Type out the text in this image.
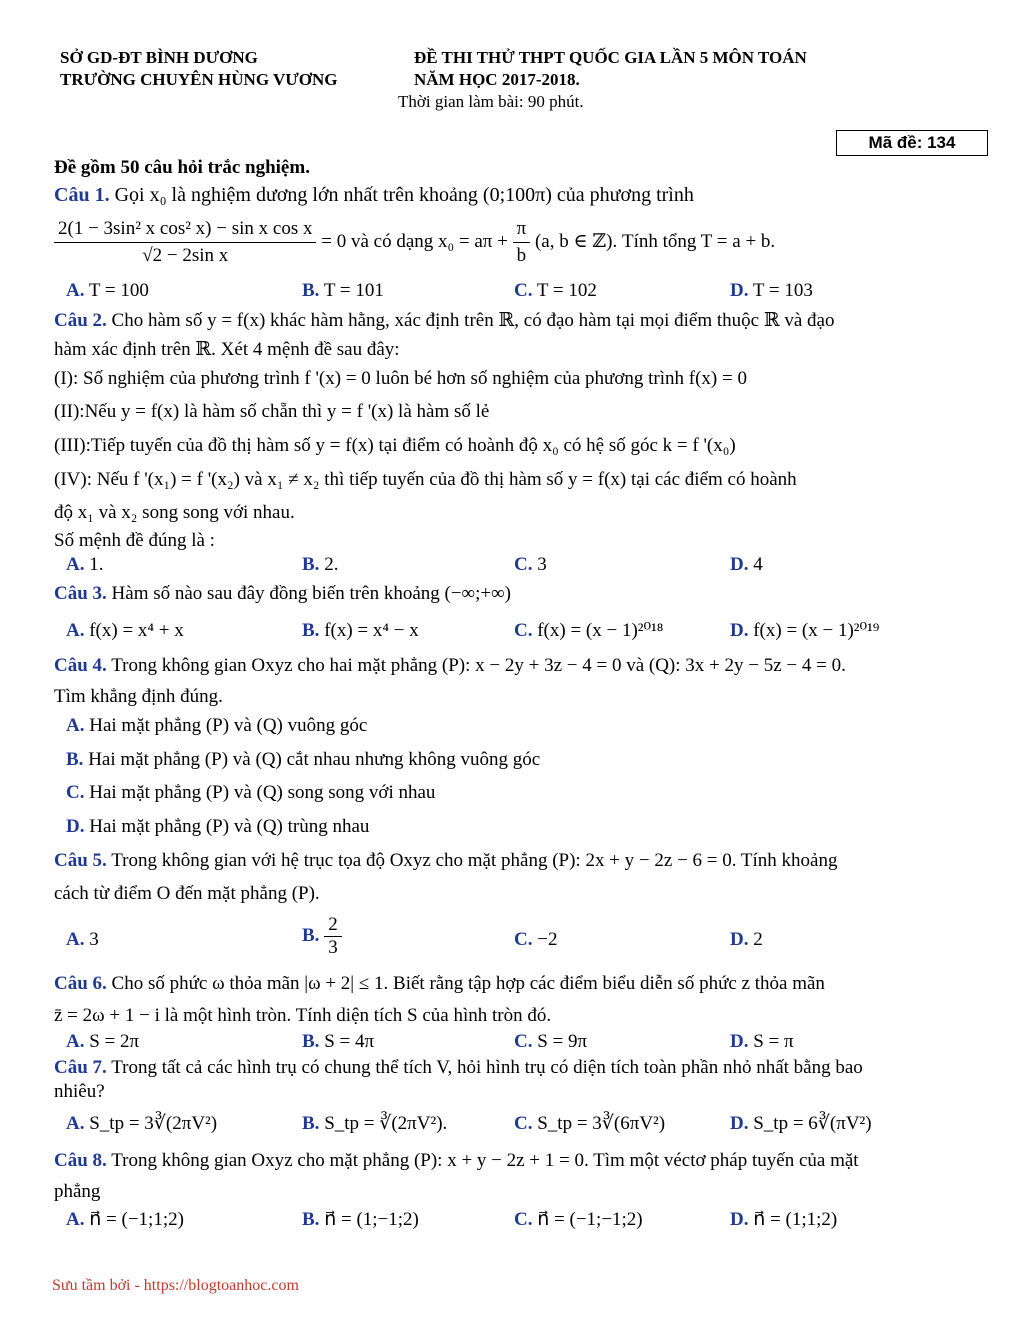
SỞ GD-ĐT BÌNH DƯƠNG
TRƯỜNG CHUYÊN HÙNG VƯƠNG
ĐỀ THI THỬ THPT QUỐC GIA LẦN 5 MÔN TOÁN
NĂM HỌC 2017-2018.
Thời gian làm bài: 90 phút.
Mã đề: 134
Đề gồm 50 câu hỏi trắc nghiệm.
Câu 1. Gọi x₀ là nghiệm dương lớn nhất trên khoảng (0;100π) của phương trình
$\frac{\text{2(1 − 3sin² x cos² x) − sin x cos x}}{\text{√2 − 2sin x}} = 0$ và có dạng $x_0 = a\pi + \frac{\pi}{b} (a$, b ∈ ℤ). Tính tổng T = a + b.
A. T = 100	B. T = 101	C. T = 102	D. T = 103
Câu 2. Cho hàm số y = f(x) khác hàm hằng, xác định trên ℝ, có đạo hàm tại mọi điểm thuộc ℝ và đạo
hàm xác định trên ℝ. Xét 4 mệnh đề sau đây:
(I): Số nghiệm của phương trình f '(x) = 0 luôn bé hơn số nghiệm của phương trình f(x) = 0
(II):Nếu y = f(x) là hàm số chẵn thì y = f '(x) là hàm số lẻ
(III):Tiếp tuyến của đồ thị hàm số y = f(x) tại điểm có hoành độ x₀ có hệ số góc k = f '(x₀)
(IV): Nếu f '(x₁) = f '(x₂) và x₁ ≠ x₂ thì tiếp tuyến của đồ thị hàm số y = f(x) tại các điểm có hoành
độ x₁ và x₂ song song với nhau.
Số mệnh đề đúng là :
A. 1.	B. 2.	C. 3	D. 4
Câu 3. Hàm số nào sau đây đồng biến trên khoảng (−∞;+∞)
A. f(x) = x⁴ + x	B. f(x) = x⁴ − x	C. f(x) = (x − 1)²⁰¹⁸	D. f(x) = (x − 1)²⁰¹⁹
Câu 4. Trong không gian Oxyz cho hai mặt phẳng (P): x − 2y + 3z − 4 = 0 và (Q): 3x + 2y − 5z − 4 = 0.
Tìm khẳng định đúng.
A. Hai mặt phẳng (P) và (Q) vuông góc
B. Hai mặt phẳng (P) và (Q) cắt nhau nhưng không vuông góc
C. Hai mặt phẳng (P) và (Q) song song với nhau
D. Hai mặt phẳng (P) và (Q) trùng nhau
Câu 5. Trong không gian với hệ trục tọa độ Oxyz cho mặt phẳng (P): 2x + y − 2z − 6 = 0. Tính khoảng
cách từ điểm O đến mặt phẳng (P).
A. 3	B. $\frac{2}{3}$	C. −2	D. 2
Câu 6. Cho số phức ω thỏa mãn |ω + 2| ≤ 1. Biết rằng tập hợp các điểm biểu diễn số phức z thỏa mãn
z̄ = 2ω + 1 − i là một hình tròn. Tính diện tích S của hình tròn đó.
A. S = 2π	B. S = 4π	C. S = 9π	D. S = π
Câu 7. Trong tất cả các hình trụ có chung thể tích V, hỏi hình trụ có diện tích toàn phần nhỏ nhất bằng bao
nhiêu?
A. S_tp = 3∛(2πV²)	B. S_tp = ∛(2πV²).	C. S_tp = 3∛(6πV²)	D. S_tp = 6∛(πV²)
Câu 8. Trong không gian Oxyz cho mặt phẳng (P): x + y − 2z + 1 = 0. Tìm một véctơ pháp tuyến của mặt
phẳng
A. n⃗ = (−1;1;2)	B. n⃗ = (1;−1;2)	C. n⃗ = (−1;−1;2)	D. n⃗ = (1;1;2)
Sưu tầm bởi - https://blogtoanhoc.com
